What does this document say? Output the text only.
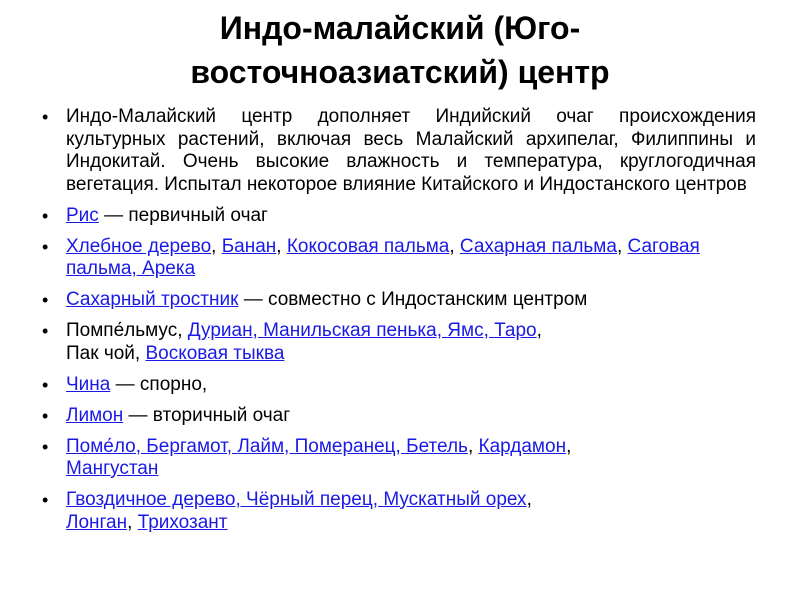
Индо-малайский (Юго-
восточноазиатский) центр
• Индо-Малайский центр дополняет Индийский очаг происхождения культурных растений, включая весь Малайский архипелаг, Филиппины и Индокитай. Очень высокие влажность и температура, круглогодичная вегетация. Испытал некоторое влияние Китайского и Индостанского центров
• Рис — первичный очаг
• Хлебное дерево, Банан, Кокосовая пальма, Сахарная пальма, Саговая пальма, Арека
• Сахарный тростник — совместно с Индостанским центром
• Помпе́льмус, Дуриан, Манильская пенька, Ямс, Таро,
Пак чой, Восковая тыква
• Чина — спорно,
• Лимон — вторичный очаг
• Поме́ло, Бергамот, Лайм, Померанец, Бетель, Кардамон,
Мангустан
• Гвоздичное дерево, Чёрный перец, Мускатный орех,
Лонган, Трихозант
